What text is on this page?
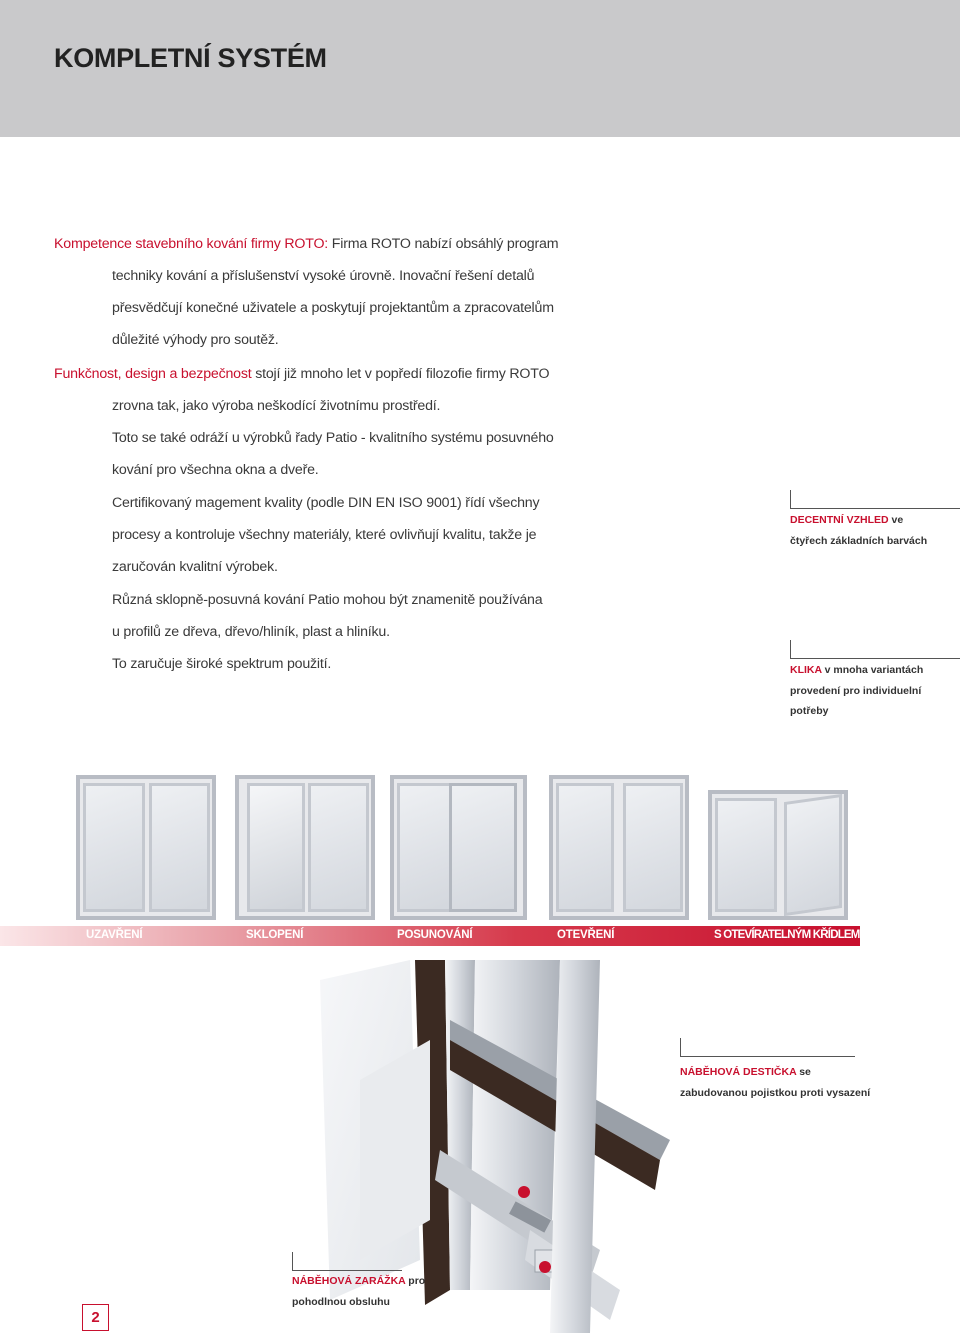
KOMPLETNÍ SYSTÉM
Kompetence stavebního kování firmy ROTO: Firma ROTO nabízí obsáhlý program
techniky kování a příslušenství vysoké úrovně. Inovační řešení detalů
přesvědčují konečné uživatele a poskytují projektantům a zpracovatelům
důležité výhody pro soutěž.
Funkčnost, design a bezpečnost stojí již mnoho let v popředí filozofie firmy ROTO
zrovna tak, jako výroba neškodící životnímu prostředí.
Toto se také odráží u výrobků řady Patio - kvalitního systému posuvného
kování pro všechna okna a dveře.
Certifikovaný magement kvality (podle DIN EN ISO 9001) řídí všechny
procesy a kontroluje všechny materiály, které ovlivňují kvalitu, takže je
zaručován kvalitní výrobek.
Různá sklopně-posuvná kování Patio mohou být znamenitě používána
u profilů ze dřeva, dřevo/hliník, plast a hliníku.
To zaručuje široké spektrum použití.
DECENTNÍ VZHLED ve
čtyřech základních barvách
KLIKA v mnoha variantách
provedení pro individuelní
potřeby
UZAVŘENÍ	SKLOPENÍ	POSUNOVÁNÍ	OTEVŘENÍ	S OTEVÍRATELNÝM KŘÍDLEM
NÁBĚHOVÁ DESTIČKA se
zabudovanou pojistkou proti vysazení
NÁBĚHOVÁ ZARÁŽKA pro
pohodlnou obsluhu
2
